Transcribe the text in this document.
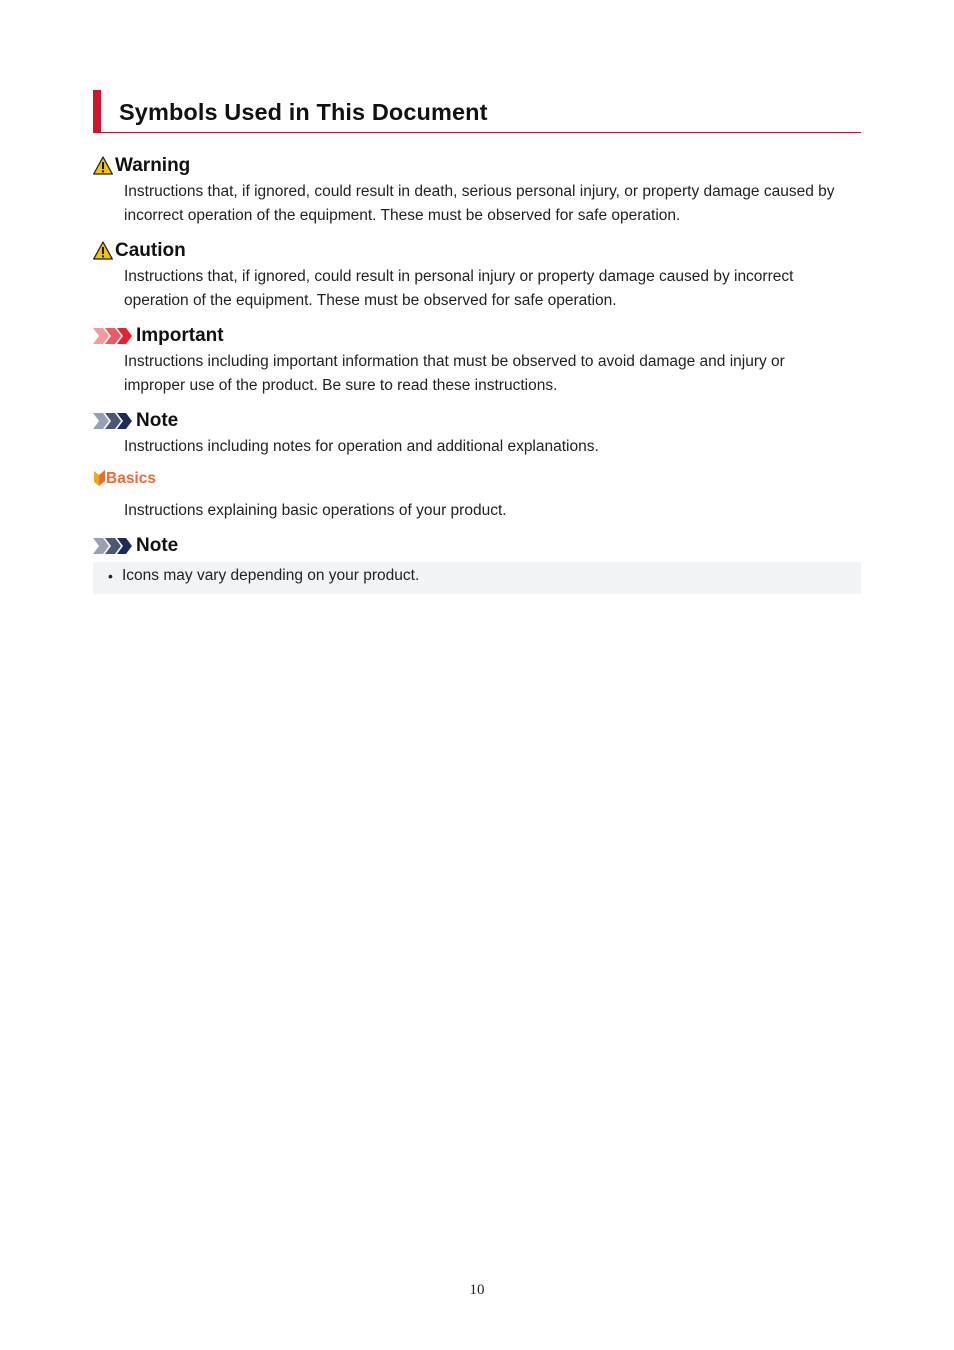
Symbols Used in This Document
Warning

Instructions that, if ignored, could result in death, serious personal injury, or property damage caused by
incorrect operation of the equipment. These must be observed for safe operation.

Caution

Instructions that, if ignored, could result in personal injury or property damage caused by incorrect
operation of the equipment. These must be observed for safe operation.

Important

Instructions including important information that must be observed to avoid damage and injury or
improper use of the product. Be sure to read these instructions.

Note

Instructions including notes for operation and additional explanations.

Basics

Instructions explaining basic operations of your product.

Note
• Icons may vary depending on your product.
10
